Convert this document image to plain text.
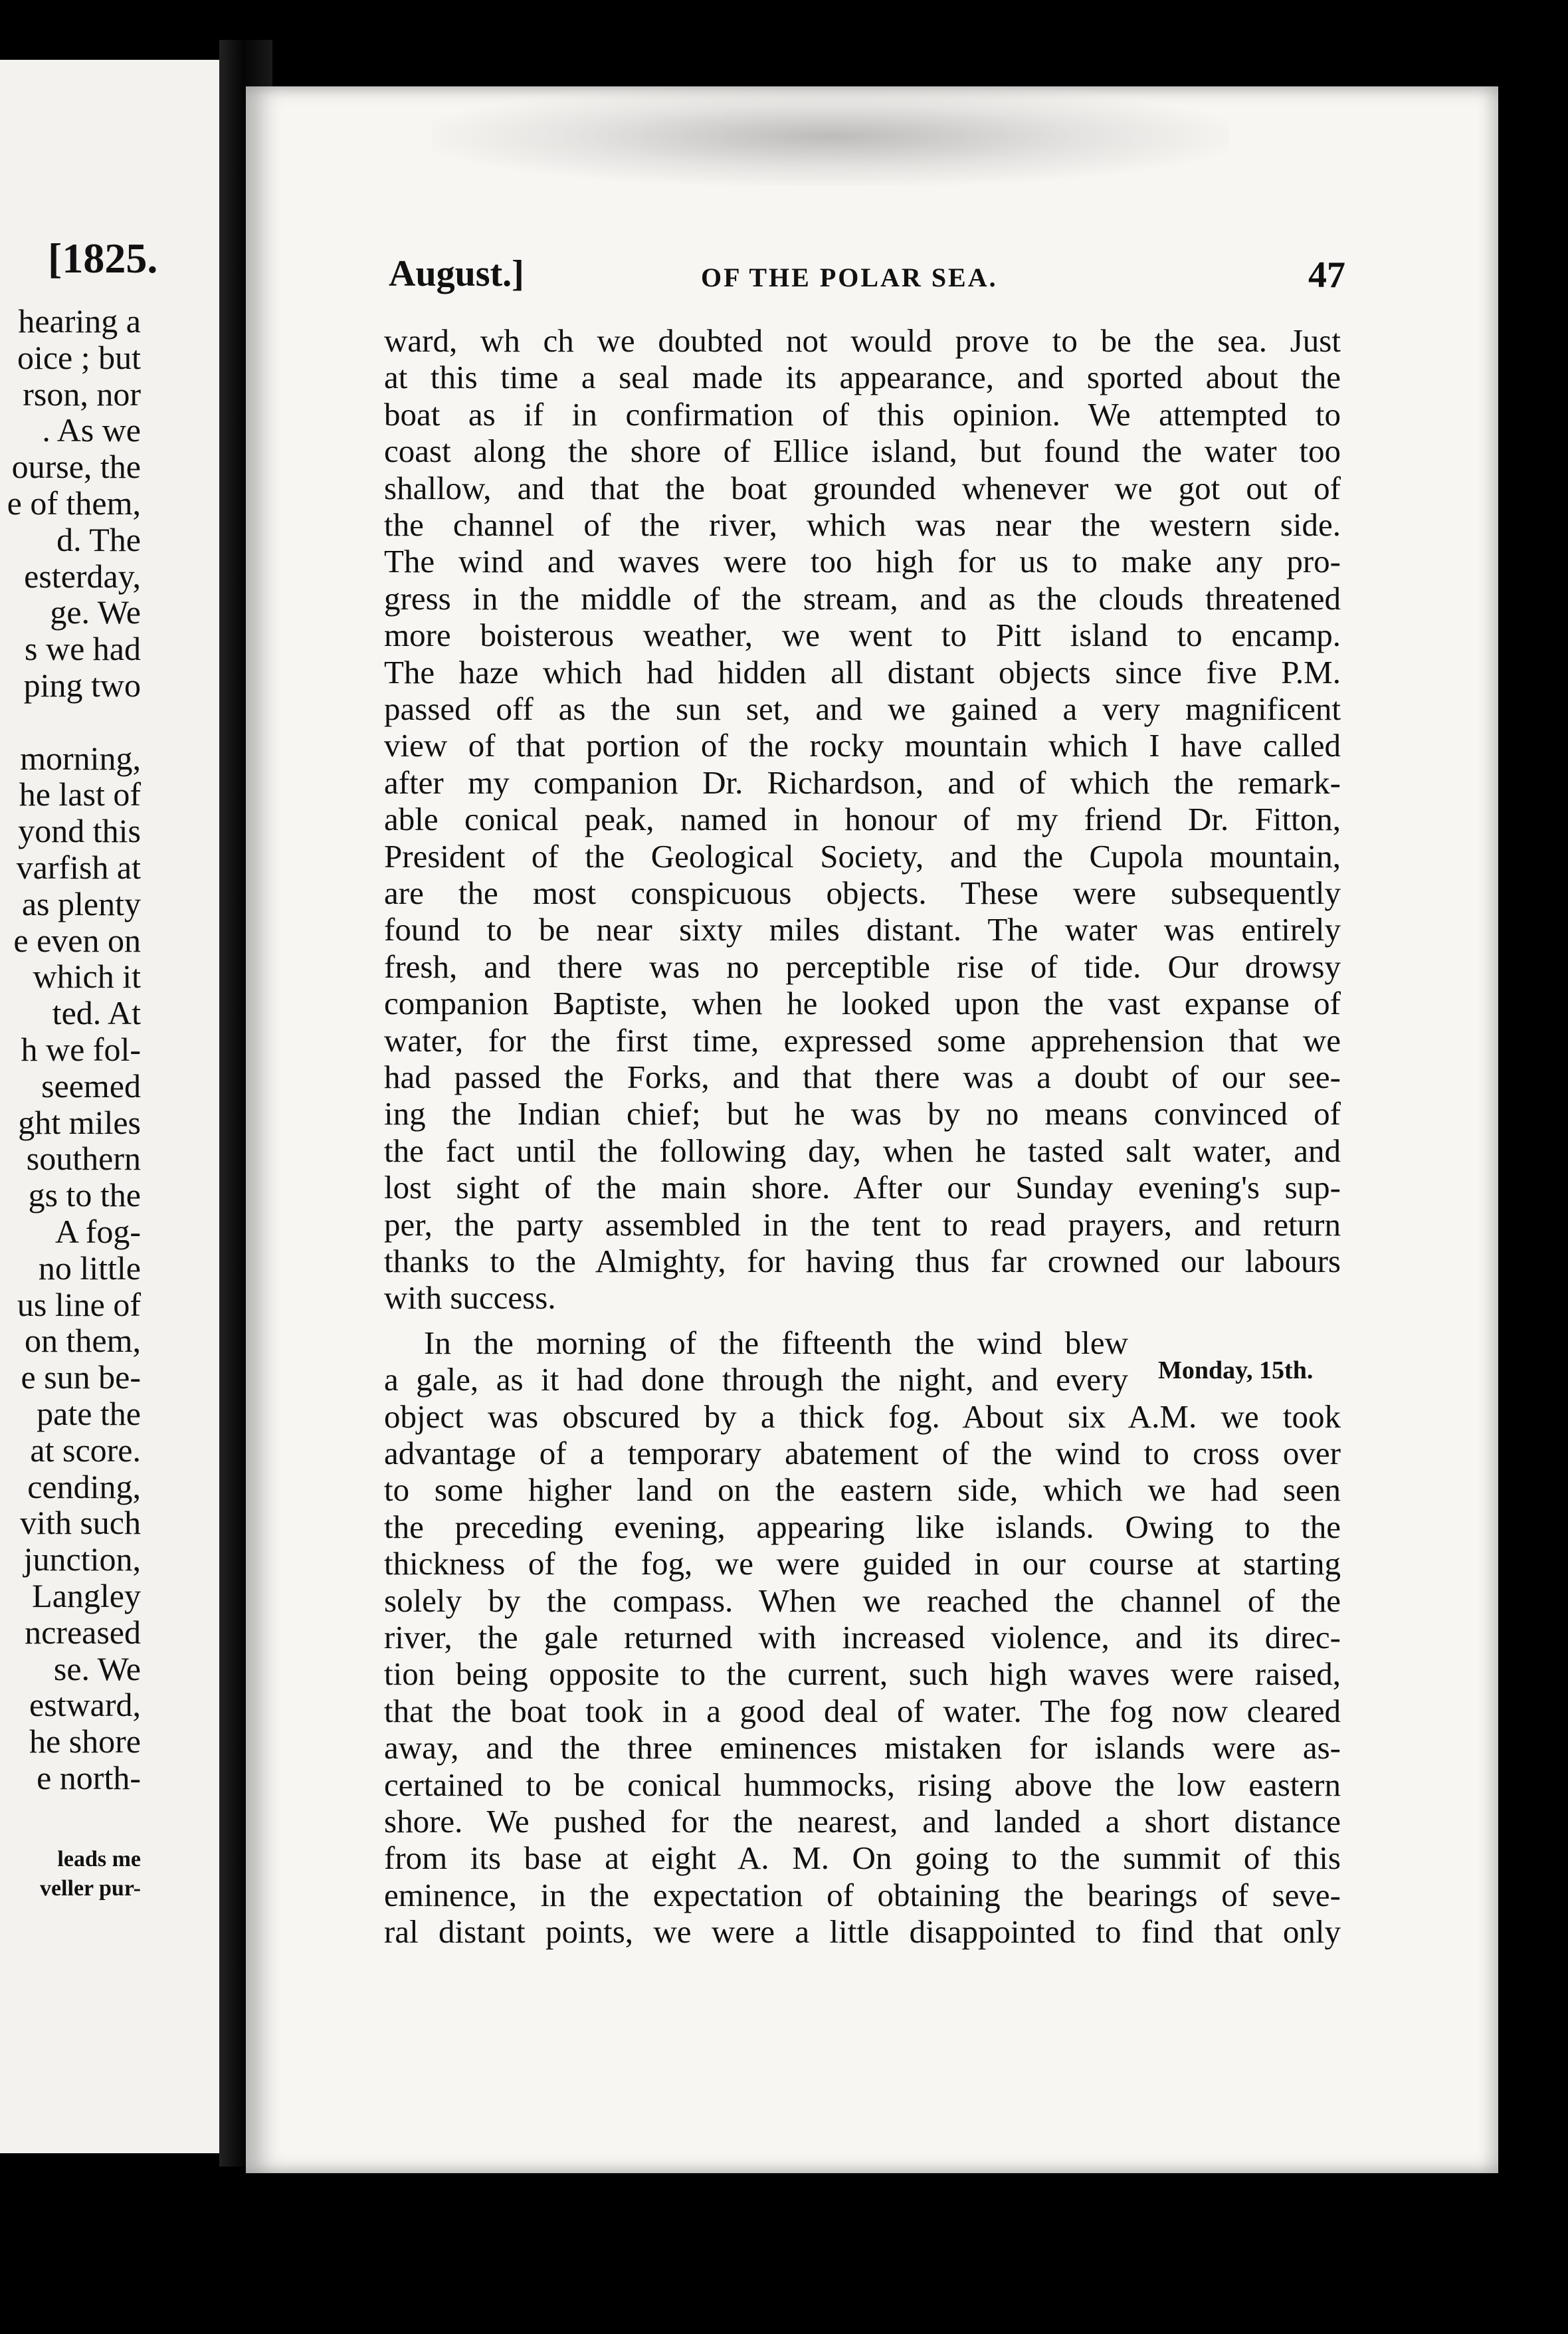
[1825.
hearing a
oice ; but
rson, nor
. As we
ourse, the
e of them,
d. The
esterday,
ge. We
s we had
ping two
morning,
he last of
yond this
varfish at
as plenty
e even on
which it
ted. At
h we fol-
seemed
ght miles
southern
gs to the
A fog-
no little
us line of
on them,
e sun be-
pate the
at score.
cending,
vith such
junction,
Langley
ncreased
se. We
estward,
he shore
e north-
leads me
veller pur-
August.]	OF THE POLAR SEA.	47
ward, wh ch we doubted not would prove to be the sea. Just
at this time a seal made its appearance, and sported about the
boat as if in confirmation of this opinion. We attempted to
coast along the shore of Ellice island, but found the water too
shallow, and that the boat grounded whenever we got out of
the channel of the river, which was near the western side.
The wind and waves were too high for us to make any pro-
gress in the middle of the stream, and as the clouds threatened
more boisterous weather, we went to Pitt island to encamp.
The haze which had hidden all distant objects since five P.M.
passed off as the sun set, and we gained a very magnificent
view of that portion of the rocky mountain which I have called
after my companion Dr. Richardson, and of which the remark-
able conical peak, named in honour of my friend Dr. Fitton,
President of the Geological Society, and the Cupola mountain,
are the most conspicuous objects. These were subsequently
found to be near sixty miles distant. The water was entirely
fresh, and there was no perceptible rise of tide. Our drowsy
companion Baptiste, when he looked upon the vast expanse of
water, for the first time, expressed some apprehension that we
had passed the Forks, and that there was a doubt of our see-
ing the Indian chief; but he was by no means convinced of
the fact until the following day, when he tasted salt water, and
lost sight of the main shore. After our Sunday evening's sup-
per, the party assembled in the tent to read prayers, and return
thanks to the Almighty, for having thus far crowned our labours
with success.
In the morning of the fifteenth the wind blew
a gale, as it had done through the night, and every
object was obscured by a thick fog. About six A.M. we took
advantage of a temporary abatement of the wind to cross over
to some higher land on the eastern side, which we had seen
the preceding evening, appearing like islands. Owing to the
thickness of the fog, we were guided in our course at starting
solely by the compass. When we reached the channel of the
river, the gale returned with increased violence, and its direc-
tion being opposite to the current, such high waves were raised,
that the boat took in a good deal of water. The fog now cleared
away, and the three eminences mistaken for islands were as-
certained to be conical hummocks, rising above the low eastern
shore. We pushed for the nearest, and landed a short distance
from its base at eight A. M. On going to the summit of this
eminence, in the expectation of obtaining the bearings of seve-
ral distant points, we were a little disappointed to find that only
Monday, 15th.
